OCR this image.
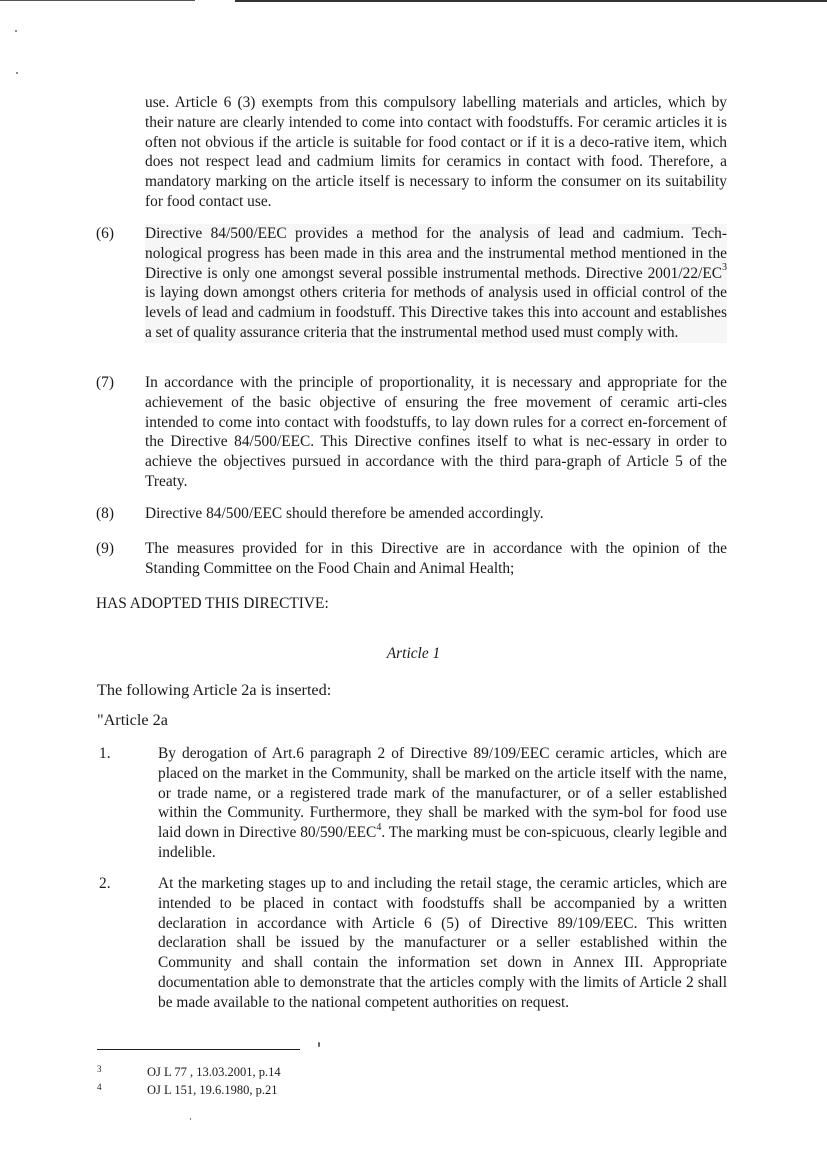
use. Article 6 (3) exempts from this compulsory labelling materials and articles, which by their nature are clearly intended to come into contact with foodstuffs. For ceramic articles it is often not obvious if the article is suitable for food contact or if it is a deco-rative item, which does not respect lead and cadmium limits for ceramics in contact with food. Therefore, a mandatory marking on the article itself is necessary to inform the consumer on its suitability for food contact use.
(6) Directive 84/500/EEC provides a method for the analysis of lead and cadmium. Tech-nological progress has been made in this area and the instrumental method mentioned in the Directive is only one amongst several possible instrumental methods. Directive $2001/22/EC^3$ is laying down amongst others criteria for methods of analysis used in official control of the levels of lead and cadmium in foodstuff. This Directive takes this into account and establishes a set of quality assurance criteria that the instrumental method used must comply with.
(7) In accordance with the principle of proportionality, it is necessary and appropriate for the achievement of the basic objective of ensuring the free movement of ceramic arti-cles intended to come into contact with foodstuffs, to lay down rules for a correct en-forcement of the Directive 84/500/EEC. This Directive confines itself to what is nec-essary in order to achieve the objectives pursued in accordance with the third para-graph of Article 5 of the Treaty.
(8) Directive 84/500/EEC should therefore be amended accordingly.
(9) The measures provided for in this Directive are in accordance with the opinion of the Standing Committee on the Food Chain and Animal Health;
HAS ADOPTED THIS DIRECTIVE:
Article 1
The following Article 2a is inserted:
"Article 2a
1.	By derogation of Art.6 paragraph 2 of Directive 89/109/EEC ceramic articles, which are placed on the market in the Community, shall be marked on the article itself with the name, or trade name, or a registered trade mark of the manufacturer, or of a seller established within the Community. Furthermore, they shall be marked with the sym-bol for food use laid down in Directive 80/590/EEC$^4$. The marking must be con-spicuous, clearly legible and indelible.
2.	At the marketing stages up to and including the retail stage, the ceramic articles, which are intended to be placed in contact with foodstuffs shall be accompanied by a written declaration in accordance with Article 6 (5) of Directive 89/109/EEC. This written declaration shall be issued by the manufacturer or a seller established within the Community and shall contain the information set down in Annex III. Appropriate documentation able to demonstrate that the articles comply with the limits of Article 2 shall be made available to the national competent authorities on request.
3	OJ L 77 , 13.03.2001, p.14
4	OJ L 151, 19.6.1980, p.21
